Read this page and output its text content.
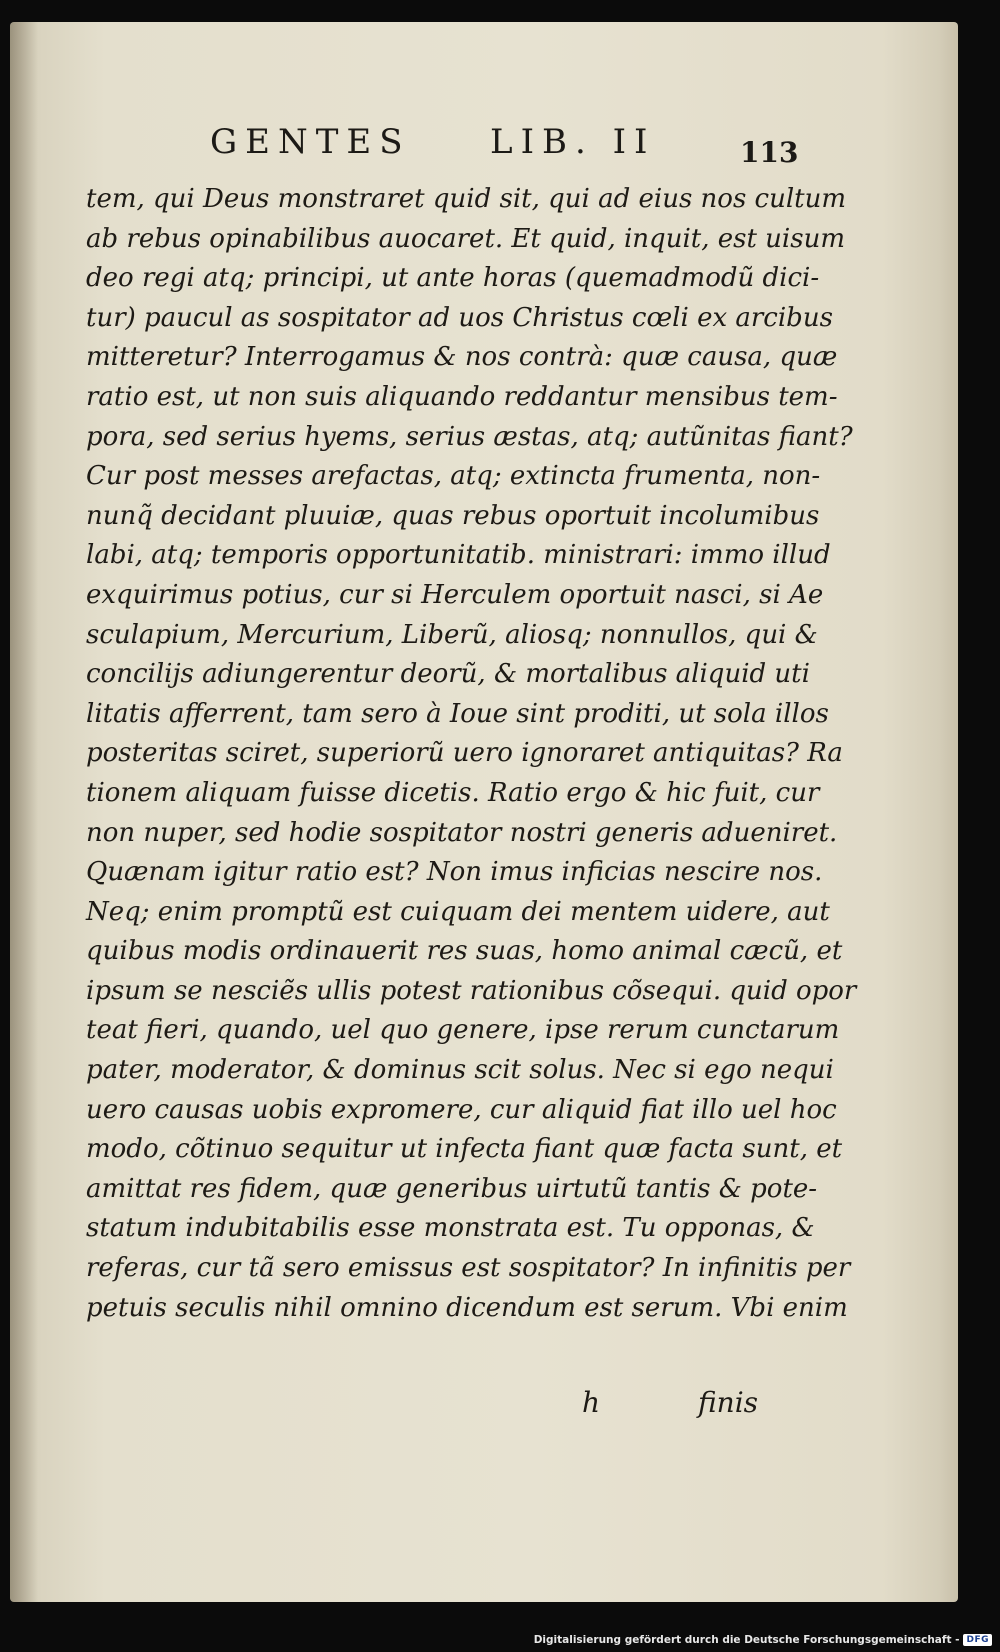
GENTES LIB. II	113
tem, qui Deus monstraret quid sit, qui ad eius nos cultum
ab rebus opinabilibus auocaret. Et quid, inquit, est uisum
deo regi atq; principi, ut ante horas (quemadmodũ dici-
tur) paucul as sospitator ad uos Christus cœli ex arcibus
mitteretur? Interrogamus & nos contrà: quæ causa, quæ
ratio est, ut non suis aliquando reddantur mensibus tem-
pora, sed serius hyems, serius æstas, atq; autũnitas fiant?
Cur post messes arefactas, atq; extincta frumenta, non-
nunq̃ decidant pluuiæ, quas rebus oportuit incolumibus
labi, atq; temporis opportunitatib. ministrari: immo illud
exquirimus potius, cur si Herculem oportuit nasci, si Ae
sculapium, Mercurium, Liberũ, aliosq; nonnullos, qui &
concilijs adiungerentur deorũ, & mortalibus aliquid uti
litatis afferrent, tam sero à Ioue sint proditi, ut sola illos
posteritas sciret, superiorũ uero ignoraret antiquitas? Ra
tionem aliquam fuisse dicetis. Ratio ergo & hic fuit, cur
non nuper, sed hodie sospitator nostri generis adueniret.
Quænam igitur ratio est? Non imus inficias nescire nos.
Neq; enim promptũ est cuiquam dei mentem uidere, aut
quibus modis ordinauerit res suas, homo animal cæcũ, et
ipsum se nesciẽs ullis potest rationibus cõsequi. quid opor
teat fieri, quando, uel quo genere, ipse rerum cunctarum
pater, moderator, & dominus scit solus. Nec si ego nequi
uero causas uobis expromere, cur aliquid fiat illo uel hoc
modo, cõtinuo sequitur ut infecta fiant quæ facta sunt, et
amittat res fidem, quæ generibus uirtutũ tantis & pote-
statum indubitabilis esse monstrata est. Tu opponas, &
referas, cur tã sero emissus est sospitator? In infinitis per
petuis seculis nihil omnino dicendum est serum. Vbi enim
h	finis
Digitalisierung gefördert durch die Deutsche Forschungsgemeinschaft - DFG
